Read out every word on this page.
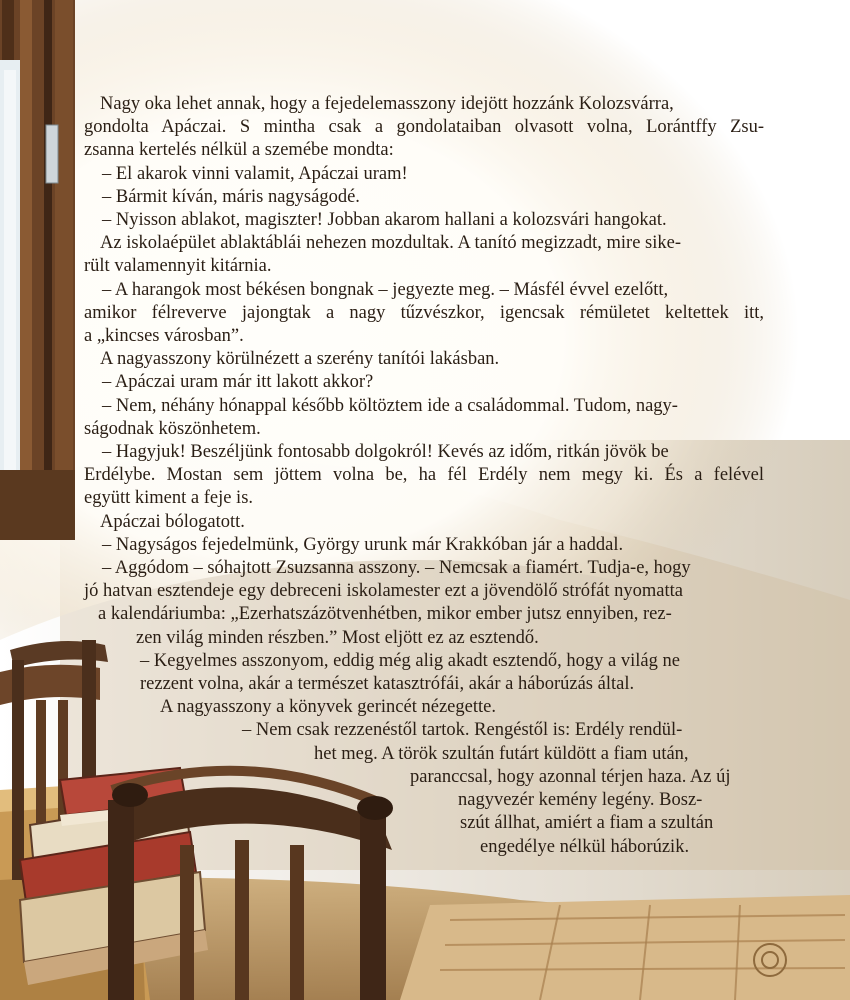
Nagy oka lehet annak, hogy a fejedelemasszony idejött hozzánk Kolozsvárra,
gondolta Apáczai. S mintha csak a gondolataiban olvasott volna, Lorántffy Zsu-
zsanna kertelés nélkül a szemébe mondta:
– El akarok vinni valamit, Apáczai uram!
– Bármit kíván, máris nagyságodé.
– Nyisson ablakot, magiszter! Jobban akarom hallani a kolozsvári hangokat.
Az iskolaépület ablaktáblái nehezen mozdultak. A tanító megizzadt, mire sike-
rült valamennyit kitárnia.
– A harangok most békésen bongnak – jegyezte meg. – Másfél évvel ezelőtt,
amikor félreverve jajongtak a nagy tűzvészkor, igencsak rémületet keltettek itt,
a „kincses városban”.
A nagyasszony körülnézett a szerény tanítói lakásban.
– Apáczai uram már itt lakott akkor?
– Nem, néhány hónappal később költöztem ide a családommal. Tudom, nagy-
ságodnak köszönhetem.
– Hagyjuk! Beszéljünk fontosabb dolgokról! Kevés az időm, ritkán jövök be
Erdélybe. Mostan sem jöttem volna be, ha fél Erdély nem megy ki. És a felével
együtt kiment a feje is.
Apáczai bólogatott.
– Nagyságos fejedelmünk, György urunk már Krakkóban jár a haddal.
– Aggódom – sóhajtott Zsuzsanna asszony. – Nemcsak a fiamért. Tudja-e, hogy
jó hatvan esztendeje egy debreceni iskolamester ezt a jövendölő strófát nyomatta
a kalendáriumba: „Ezerhatszázötvenhétben, mikor ember jutsz ennyiben, rez-
zen világ minden részben.” Most eljött ez az esztendő.
– Kegyelmes asszonyom, eddig még alig akadt esztendő, hogy a világ ne
rezzent volna, akár a természet katasztrófái, akár a háborúzás által.
A nagyasszony a könyvek gerincét nézegette.
– Nem csak rezzenéstől tartok. Rengéstől is: Erdély rendül-
het meg. A török szultán futárt küldött a fiam után,
paranccsal, hogy azonnal térjen haza. Az új
nagyvezér kemény legény. Bosz-
szút állhat, amiért a fiam a szultán
engedélye nélkül háborúzik.
